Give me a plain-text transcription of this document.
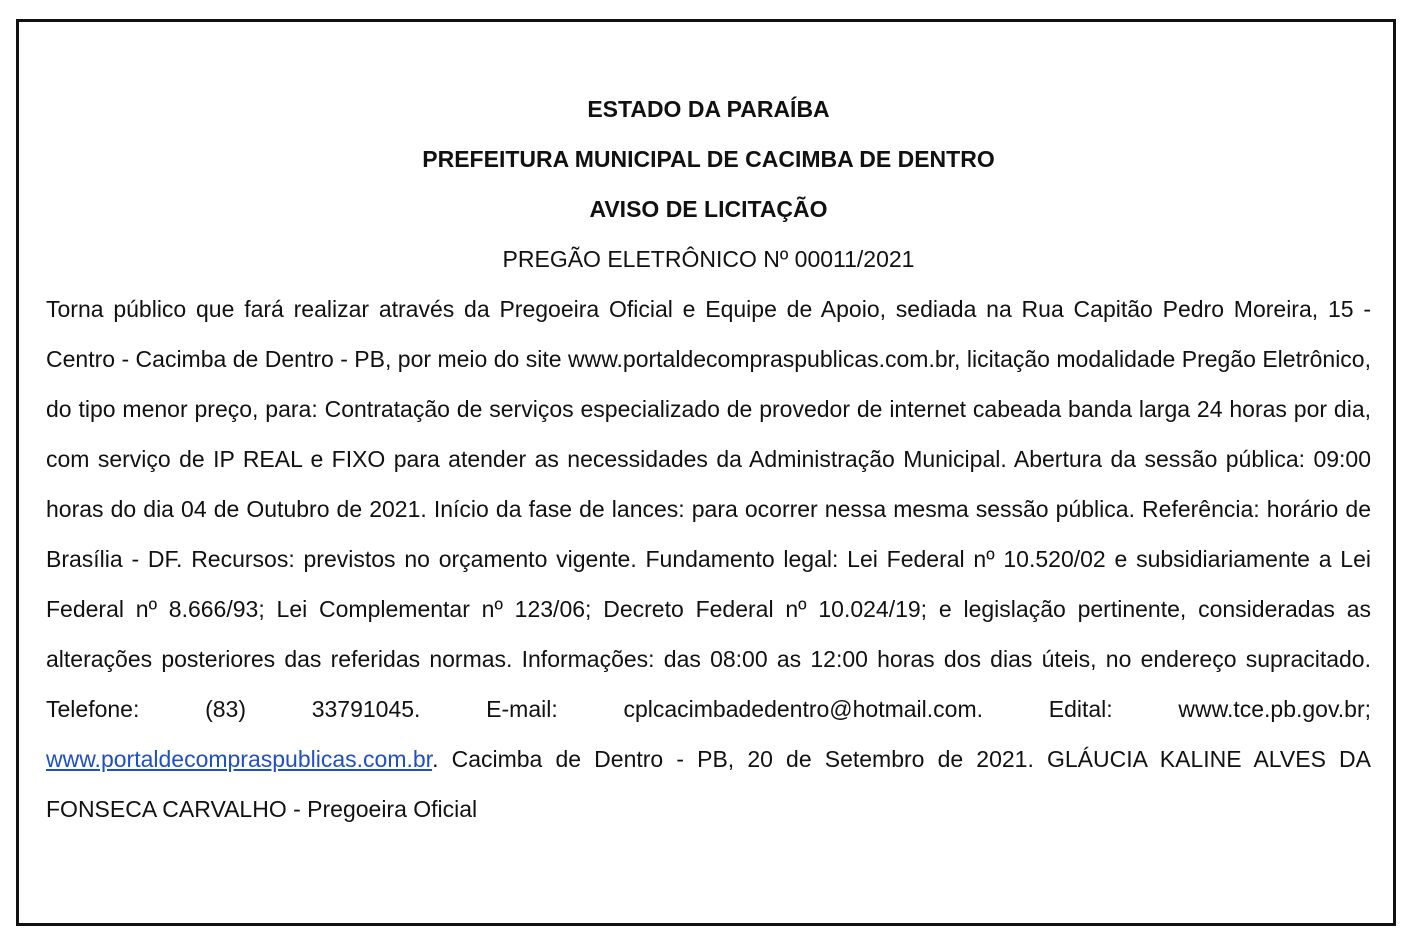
ESTADO DA PARAÍBA

PREFEITURA MUNICIPAL DE CACIMBA DE DENTRO

AVISO DE LICITAÇÃO

PREGÃO ELETRÔNICO Nº 00011/2021

Torna público que fará realizar através da Pregoeira Oficial e Equipe de Apoio, sediada na Rua Capitão Pedro Moreira, 15 - Centro - Cacimba de Dentro - PB, por meio do site www.portaldecompraspublicas.com.br, licitação modalidade Pregão Eletrônico, do tipo menor preço, para: Contratação de serviços especializado de provedor de internet cabeada banda larga 24 horas por dia, com serviço de IP REAL e FIXO para atender as necessidades da Administração Municipal. Abertura da sessão pública: 09:00 horas do dia 04 de Outubro de 2021. Início da fase de lances: para ocorrer nessa mesma sessão pública. Referência: horário de Brasília - DF. Recursos: previstos no orçamento vigente. Fundamento legal: Lei Federal nº 10.520/02 e subsidiariamente a Lei Federal nº 8.666/93; Lei Complementar nº 123/06; Decreto Federal nº 10.024/19; e legislação pertinente, consideradas as alterações posteriores das referidas normas. Informações: das 08:00 as 12:00 horas dos dias úteis, no endereço supracitado. Telefone: (83) 33791045. E-mail: cplcacimbadedentro@hotmail.com. Edital: www.tce.pb.gov.br; www.portaldecompraspublicas.com.br. Cacimba de Dentro - PB, 20 de Setembro de 2021. GLÁUCIA KALINE ALVES DA FONSECA CARVALHO - Pregoeira Oficial
